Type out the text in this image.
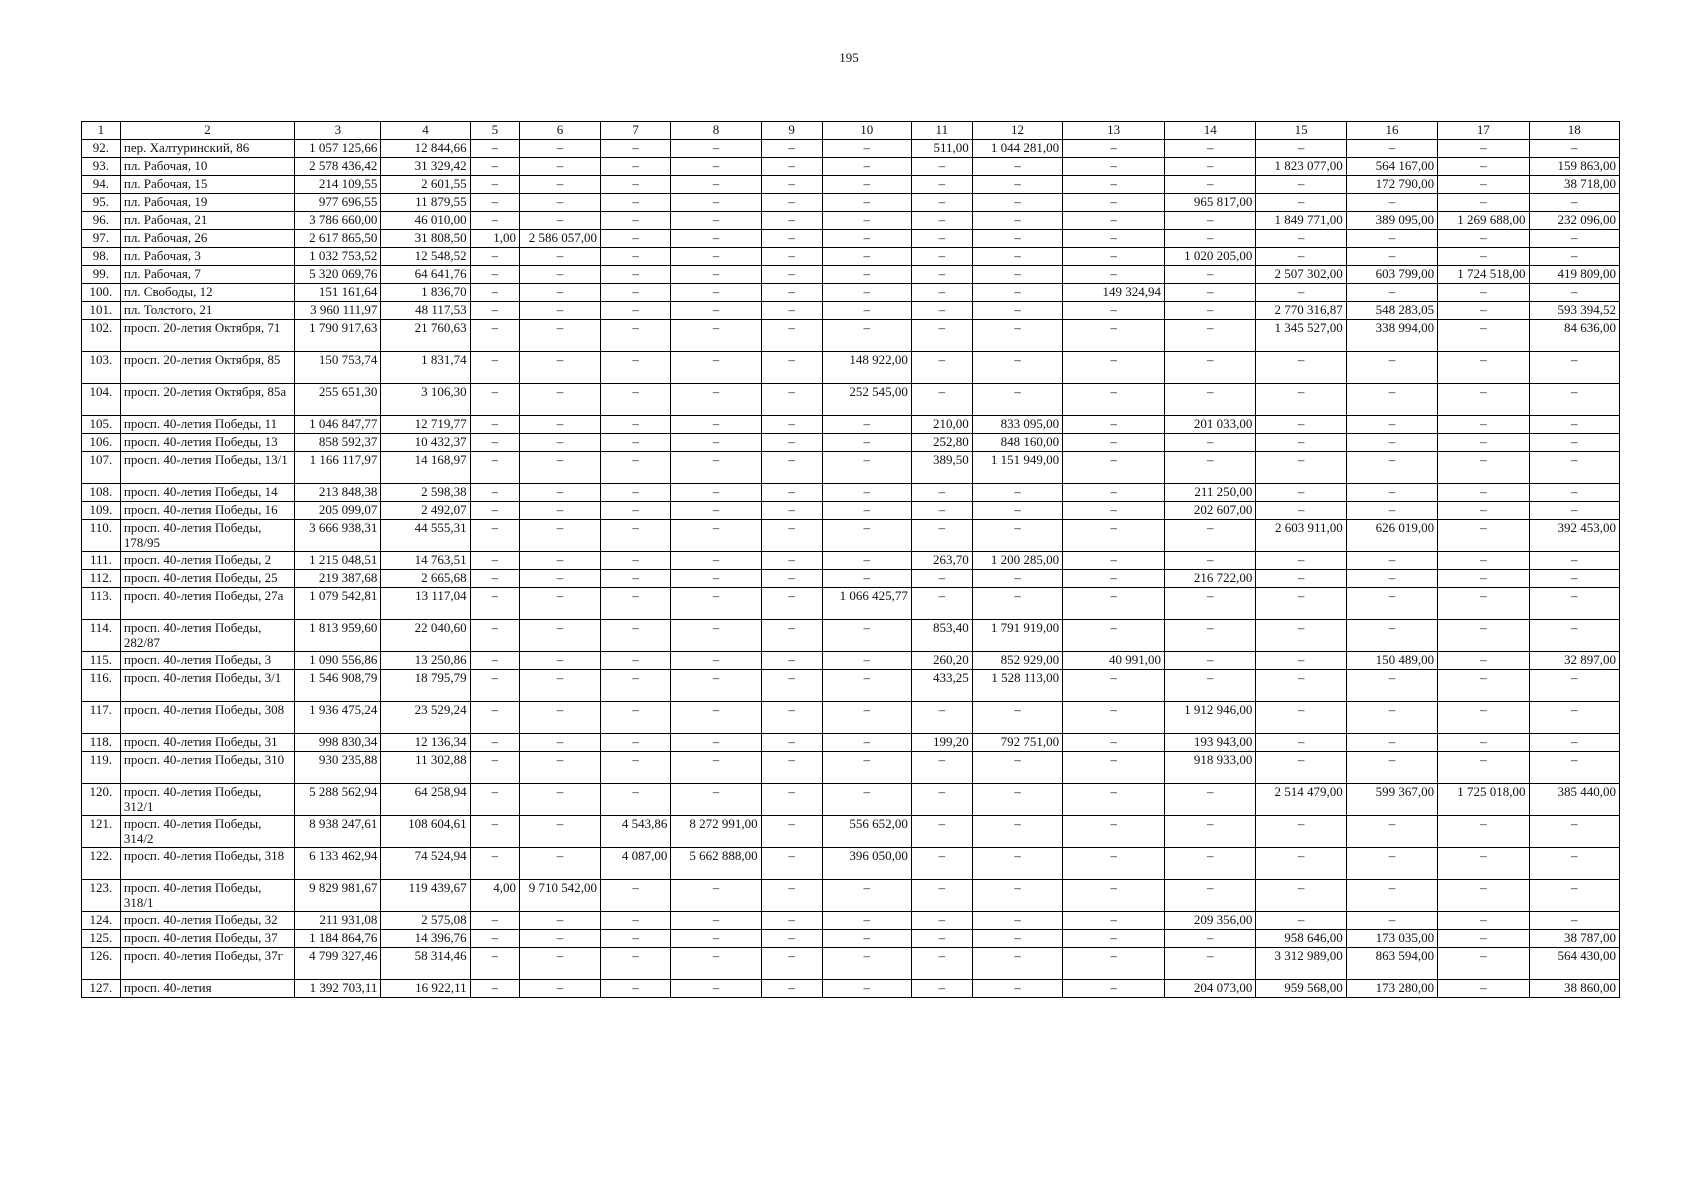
195
1	2	3	4	5	6	7	8	9	10	11	12	13	14	15	16	17	18
92.	пер. Халтуринский, 86	1 057 125,66	12 844,66	–	–	–	–	–	–	511,00	1 044 281,00	–	–	–	–	–	–
93.	пл. Рабочая, 10	2 578 436,42	31 329,42	–	–	–	–	–	–	–	–	–	–	1 823 077,00	564 167,00	–	159 863,00
94.	пл. Рабочая, 15	214 109,55	2 601,55	–	–	–	–	–	–	–	–	–	–	–	172 790,00	–	38 718,00
95.	пл. Рабочая, 19	977 696,55	11 879,55	–	–	–	–	–	–	–	–	–	965 817,00	–	–	–	–
96.	пл. Рабочая, 21	3 786 660,00	46 010,00	–	–	–	–	–	–	–	–	–	–	1 849 771,00	389 095,00	1 269 688,00	232 096,00
97.	пл. Рабочая, 26	2 617 865,50	31 808,50	1,00	2 586 057,00	–	–	–	–	–	–	–	–	–	–	–	–
98.	пл. Рабочая, 3	1 032 753,52	12 548,52	–	–	–	–	–	–	–	–	–	1 020 205,00	–	–	–	–
99.	пл. Рабочая, 7	5 320 069,76	64 641,76	–	–	–	–	–	–	–	–	–	–	2 507 302,00	603 799,00	1 724 518,00	419 809,00
100.	пл. Свободы, 12	151 161,64	1 836,70	–	–	–	–	–	–	–	–	149 324,94	–	–	–	–	–
101.	пл. Толстого, 21	3 960 111,97	48 117,53	–	–	–	–	–	–	–	–	–	–	2 770 316,87	548 283,05	–	593 394,52
102.	просп. 20-летия Октября, 71	1 790 917,63	21 760,63	–	–	–	–	–	–	–	–	–	–	1 345 527,00	338 994,00	–	84 636,00
103.	просп. 20-летия Октября, 85	150 753,74	1 831,74	–	–	–	–	–	148 922,00	–	–	–	–	–	–	–	–
104.	просп. 20-летия Октября, 85а	255 651,30	3 106,30	–	–	–	–	–	252 545,00	–	–	–	–	–	–	–	–
105.	просп. 40-летия Победы, 11	1 046 847,77	12 719,77	–	–	–	–	–	–	210,00	833 095,00	–	201 033,00	–	–	–	–
106.	просп. 40-летия Победы, 13	858 592,37	10 432,37	–	–	–	–	–	–	252,80	848 160,00	–	–	–	–	–	–
107.	просп. 40-летия Победы, 13/1	1 166 117,97	14 168,97	–	–	–	–	–	–	389,50	1 151 949,00	–	–	–	–	–	–
108.	просп. 40-летия Победы, 14	213 848,38	2 598,38	–	–	–	–	–	–	–	–	–	211 250,00	–	–	–	–
109.	просп. 40-летия Победы, 16	205 099,07	2 492,07	–	–	–	–	–	–	–	–	–	202 607,00	–	–	–	–
110.	просп. 40-летия Победы, 178/95	3 666 938,31	44 555,31	–	–	–	–	–	–	–	–	–	–	2 603 911,00	626 019,00	–	392 453,00
111.	просп. 40-летия Победы, 2	1 215 048,51	14 763,51	–	–	–	–	–	–	263,70	1 200 285,00	–	–	–	–	–	–
112.	просп. 40-летия Победы, 25	219 387,68	2 665,68	–	–	–	–	–	–	–	–	–	216 722,00	–	–	–	–
113.	просп. 40-летия Победы, 27а	1 079 542,81	13 117,04	–	–	–	–	–	1 066 425,77	–	–	–	–	–	–	–	–
114.	просп. 40-летия Победы, 282/87	1 813 959,60	22 040,60	–	–	–	–	–	–	853,40	1 791 919,00	–	–	–	–	–	–
115.	просп. 40-летия Победы, 3	1 090 556,86	13 250,86	–	–	–	–	–	–	260,20	852 929,00	40 991,00	–	–	150 489,00	–	32 897,00
116.	просп. 40-летия Победы, 3/1	1 546 908,79	18 795,79	–	–	–	–	–	–	433,25	1 528 113,00	–	–	–	–	–	–
117.	просп. 40-летия Победы, 308	1 936 475,24	23 529,24	–	–	–	–	–	–	–	–	–	1 912 946,00	–	–	–	–
118.	просп. 40-летия Победы, 31	998 830,34	12 136,34	–	–	–	–	–	–	199,20	792 751,00	–	193 943,00	–	–	–	–
119.	просп. 40-летия Победы, 310	930 235,88	11 302,88	–	–	–	–	–	–	–	–	–	918 933,00	–	–	–	–
120.	просп. 40-летия Победы, 312/1	5 288 562,94	64 258,94	–	–	–	–	–	–	–	–	–	–	2 514 479,00	599 367,00	1 725 018,00	385 440,00
121.	просп. 40-летия Победы, 314/2	8 938 247,61	108 604,61	–	–	4 543,86	8 272 991,00	–	556 652,00	–	–	–	–	–	–	–	–
122.	просп. 40-летия Победы, 318	6 133 462,94	74 524,94	–	–	4 087,00	5 662 888,00	–	396 050,00	–	–	–	–	–	–	–	–
123.	просп. 40-летия Победы, 318/1	9 829 981,67	119 439,67	4,00	9 710 542,00	–	–	–	–	–	–	–	–	–	–	–	–
124.	просп. 40-летия Победы, 32	211 931,08	2 575,08	–	–	–	–	–	–	–	–	–	209 356,00	–	–	–	–
125.	просп. 40-летия Победы, 37	1 184 864,76	14 396,76	–	–	–	–	–	–	–	–	–	–	958 646,00	173 035,00	–	38 787,00
126.	просп. 40-летия Победы, 37г	4 799 327,46	58 314,46	–	–	–	–	–	–	–	–	–	–	3 312 989,00	863 594,00	–	564 430,00
127.	просп. 40-летия	1 392 703,11	16 922,11	–	–	–	–	–	–	–	–	–	204 073,00	959 568,00	173 280,00	–	38 860,00
